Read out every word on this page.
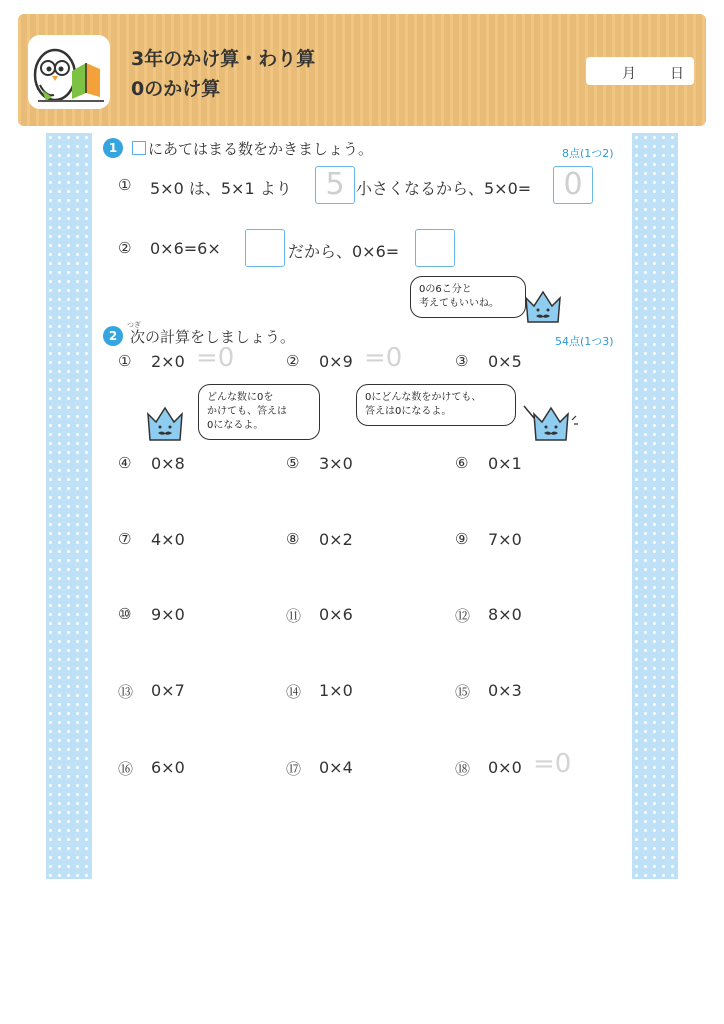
3年のかけ算・わり算
0のかけ算
月 日
1	にあてはまる数をかきましょう。	8点(1つ2)
① 5×0 は、5×1 より	5 小さくなるから、5×0=	0
② 0×6=6×	だから、0×6=
0の6こ分と
考えてもいいね。
つぎ
2 次の計算をしましょう。	54点(1つ3)
どんな数に0を
かけても、答えは
0になるよ。
0にどんな数をかけても、
答えは0になるよ。
① 2×0 =0	② 0×9 =0	③ 0×5
④ 0×8	⑤ 3×0	⑥ 0×1
⑦ 4×0	⑧ 0×2	⑨ 7×0
⑩ 9×0	⑪ 0×6	⑫ 8×0
⑬ 0×7	⑭ 1×0	⑮ 0×3
⑯ 6×0	⑰ 0×4	⑱ 0×0 =0
